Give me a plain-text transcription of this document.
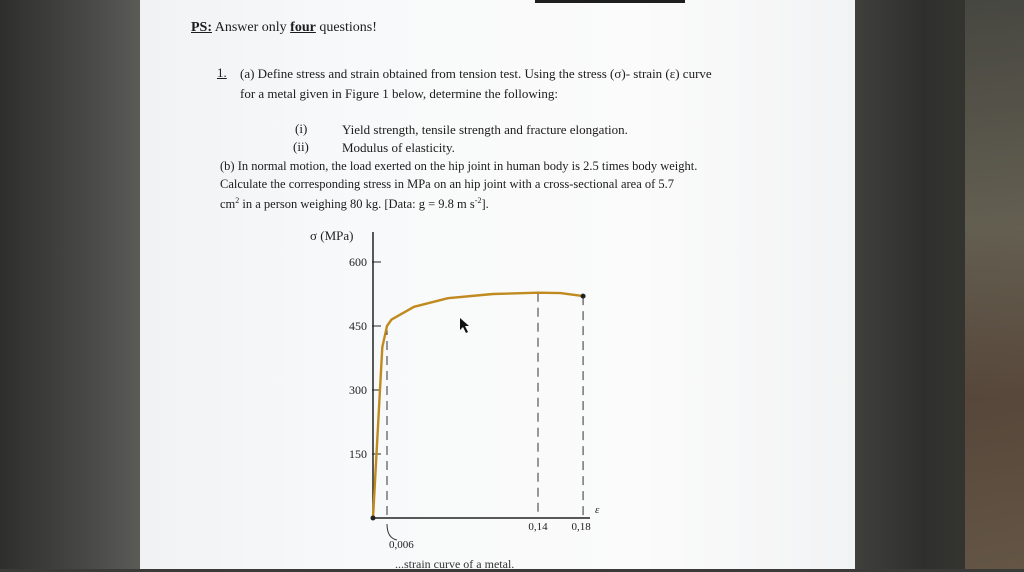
PS: Answer only four questions!
1. (a) Define stress and strain obtained from tension test. Using the stress (σ)- strain (ε) curve
for a metal given in Figure 1 below, determine the following:
(i)	Yield strength, tensile strength and fracture elongation.
(ii)	Modulus of elasticity.
(b) In normal motion, the load exerted on the hip joint in human body is 2.5 times body weight.
Calculate the corresponding stress in MPa on an hip joint with a cross-sectional area of 5.7
$cm^2$ in a person weighing 80 kg. [Data: g = 9.8 m $s^{-2}$].
σ (MPa)
ε
600
450
300
150
0,006
0,14 0,18
...strain curve of a metal.
